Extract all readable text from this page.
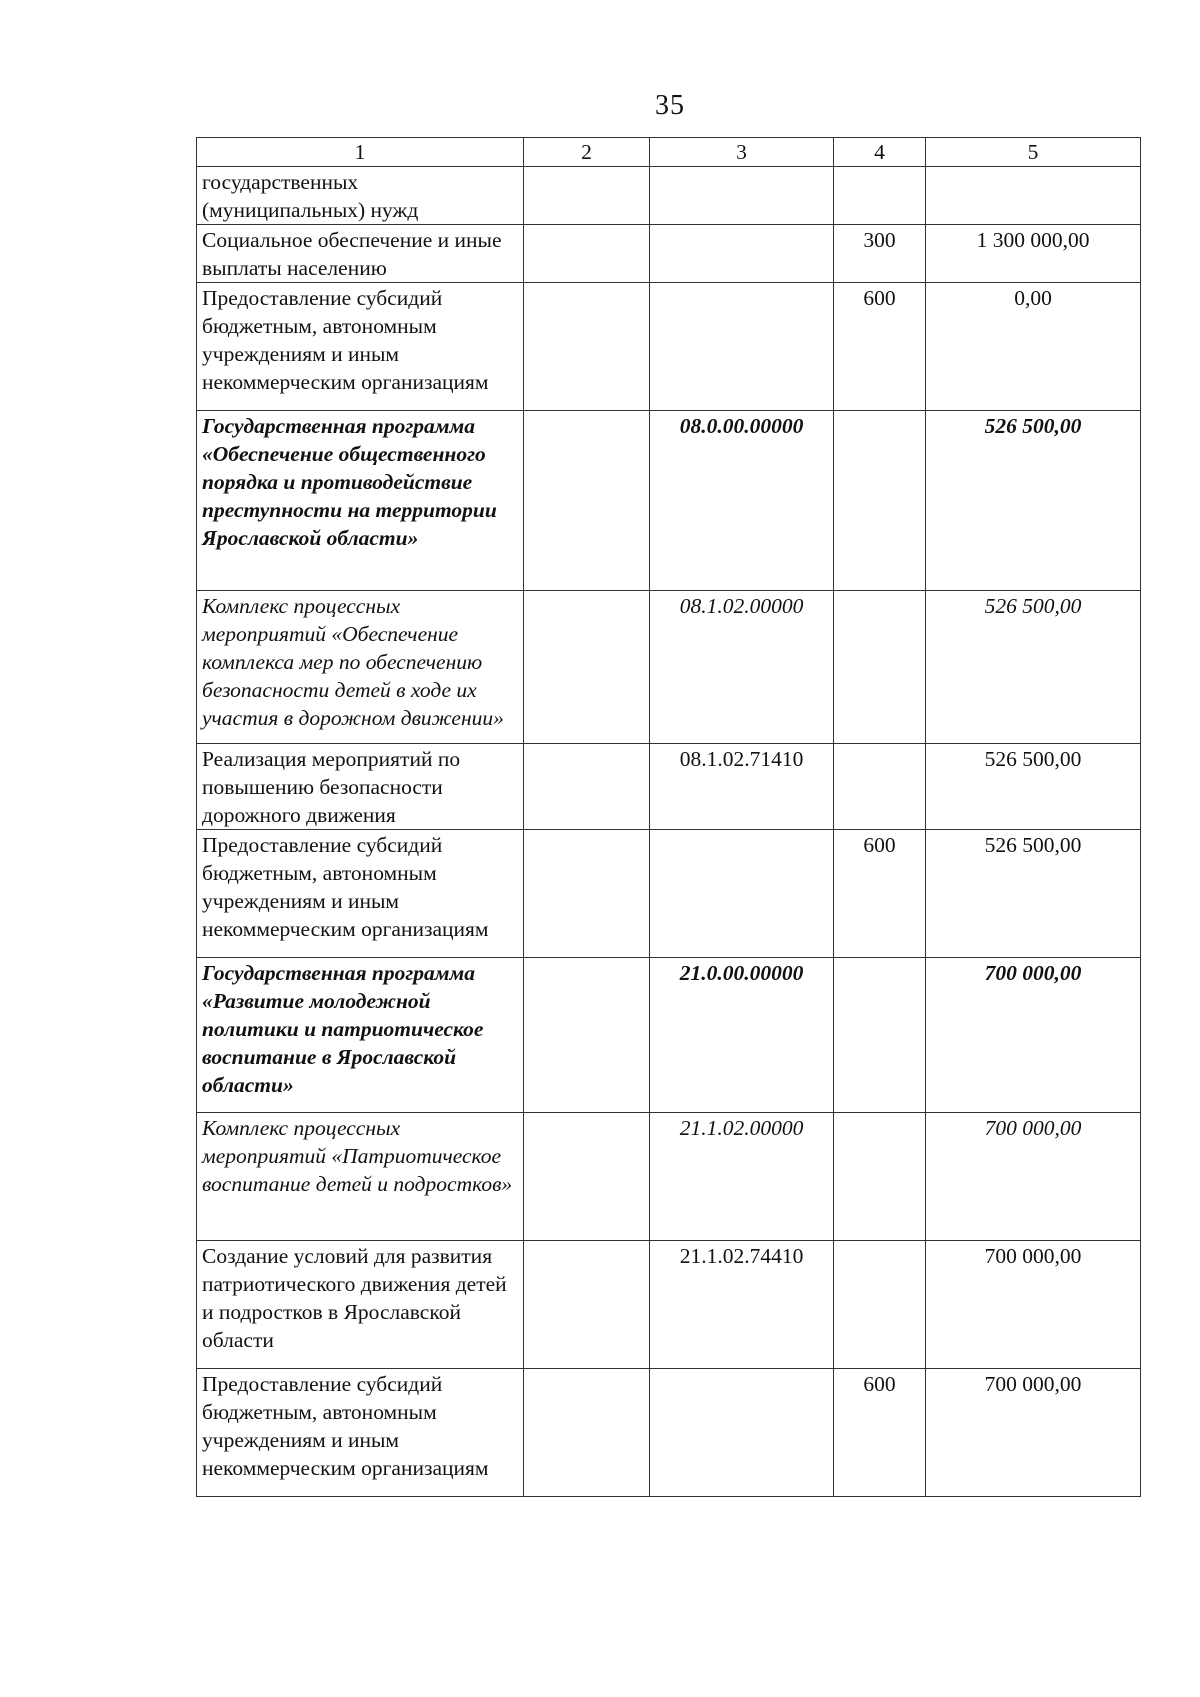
35
1	2	3	4	5
государственных (муниципальных) нужд				
Социальное обеспечение и иные выплаты населению			300	1 300 000,00
Предоставление субсидий бюджетным, автономным учреждениям и иным некоммерческим организациям			600	0,00
Государственная программа «Обеспечение общественного порядка и противодействие преступности на территории Ярославской области»		08.0.00.00000		526 500,00
Комплекс процессных мероприятий «Обеспечение комплекса мер по обеспечению безопасности детей в ходе их участия в дорожном движении»		08.1.02.00000		526 500,00
Реализация мероприятий по повышению безопасности дорожного движения		08.1.02.71410		526 500,00
Предоставление субсидий бюджетным, автономным учреждениям и иным некоммерческим организациям			600	526 500,00
Государственная программа «Развитие молодежной политики и патриотическое воспитание в Ярославской области»		21.0.00.00000		700 000,00
Комплекс процессных мероприятий «Патриотическое воспитание детей и подростков»		21.1.02.00000		700 000,00
Создание условий для развития патриотического движения детей и подростков в Ярославской области		21.1.02.74410		700 000,00
Предоставление субсидий бюджетным, автономным учреждениям и иным некоммерческим организациям			600	700 000,00
